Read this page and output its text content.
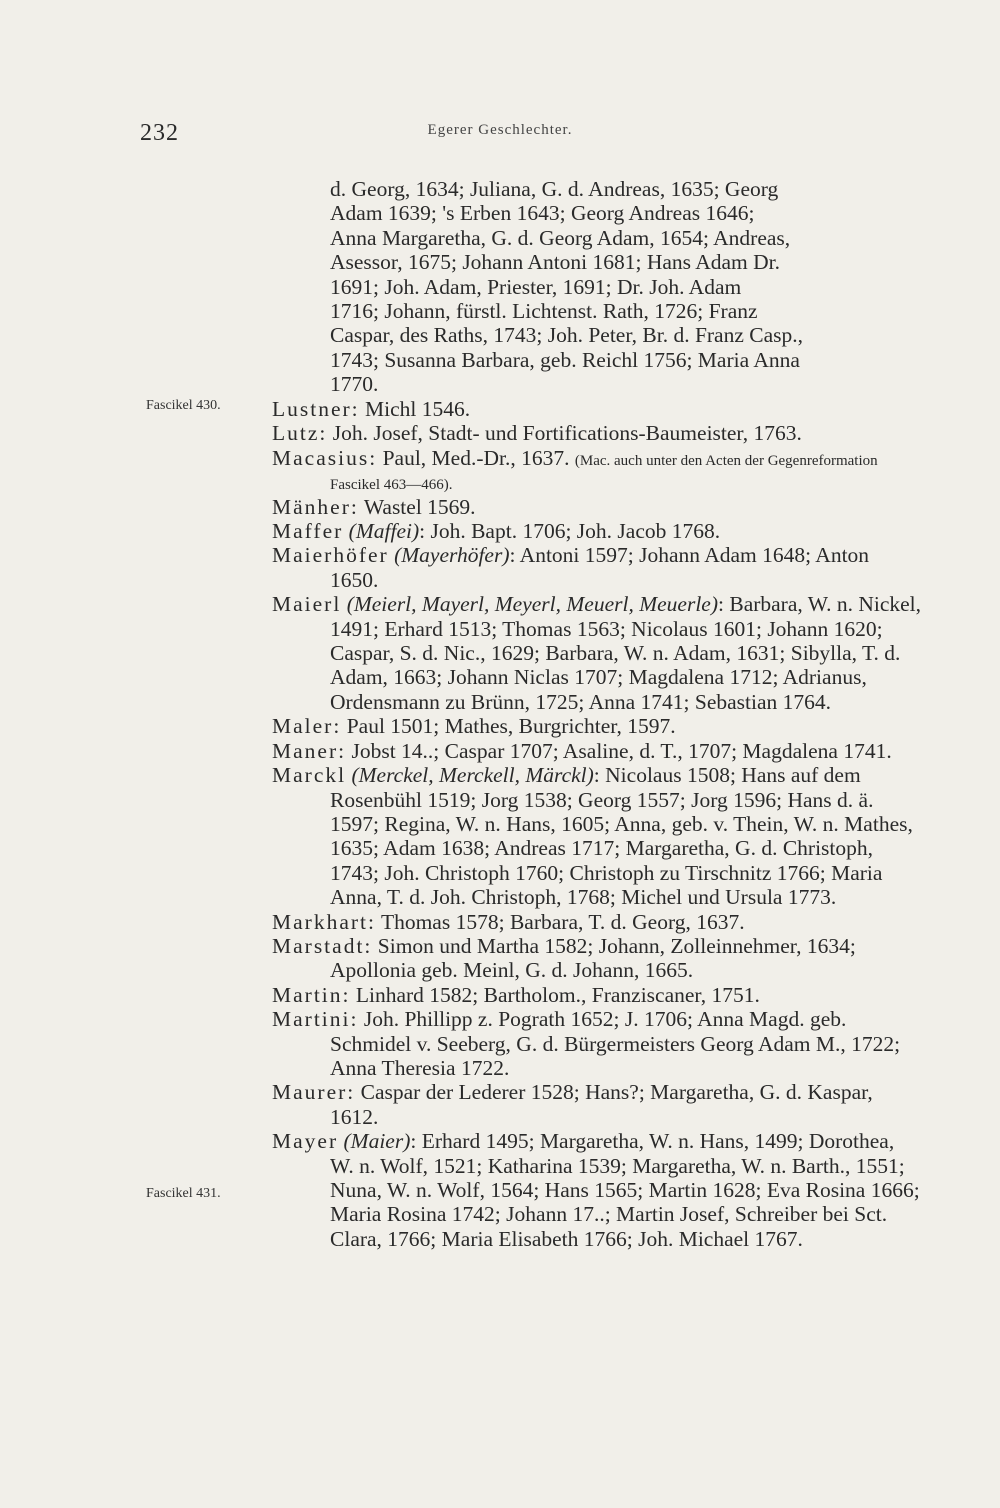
232	Egerer Geschlechter.
Fascikel 430.
Fascikel 431.
d. Georg, 1634; Juliana, G. d. Andreas, 1635; Georg
Adam 1639; 's Erben 1643; Georg Andreas 1646;
Anna Margaretha, G. d. Georg Adam, 1654; Andreas,
Asessor, 1675; Johann Antoni 1681; Hans Adam Dr.
1691; Joh. Adam, Priester, 1691; Dr. Joh. Adam
1716; Johann, fürstl. Lichtenst. Rath, 1726; Franz
Caspar, des Raths, 1743; Joh. Peter, Br. d. Franz Casp.,
1743; Susanna Barbara, geb. Reichl 1756; Maria Anna
1770.

Lustner: Michl 1546.

Lutz: Joh. Josef, Stadt- und Fortifications-Baumeister, 1763.

Macasius: Paul, Med.-Dr., 1637. (Mac. auch unter den Acten der Gegenreformation Fascikel 463—466).

Mänher: Wastel 1569.

Maffer (Maffei): Joh. Bapt. 1706; Joh. Jacob 1768.

Maierhöfer (Mayerhöfer): Antoni 1597; Johann Adam 1648; Anton 1650.

Maierl (Meierl, Mayerl, Meyerl, Meuerl, Meuerle): Barbara, W. n. Nickel, 1491; Erhard 1513; Thomas 1563; Nicolaus 1601; Johann 1620; Caspar, S. d. Nic., 1629; Barbara, W. n. Adam, 1631; Sibylla, T. d. Adam, 1663; Johann Niclas 1707; Magdalena 1712; Adrianus, Ordensmann zu Brünn, 1725; Anna 1741; Sebastian 1764.

Maler: Paul 1501; Mathes, Burgrichter, 1597.

Maner: Jobst 14..; Caspar 1707; Asaline, d. T., 1707; Magdalena 1741.

Marckl (Merckel, Merckell, Märckl): Nicolaus 1508; Hans auf dem Rosenbühl 1519; Jorg 1538; Georg 1557; Jorg 1596; Hans d. ä. 1597; Regina, W. n. Hans, 1605; Anna, geb. v. Thein, W. n. Mathes, 1635; Adam 1638; Andreas 1717; Margaretha, G. d. Christoph, 1743; Joh. Christoph 1760; Christoph zu Tirschnitz 1766; Maria Anna, T. d. Joh. Christoph, 1768; Michel und Ursula 1773.

Markhart: Thomas 1578; Barbara, T. d. Georg, 1637.

Marstadt: Simon und Martha 1582; Johann, Zolleinnehmer, 1634; Apollonia geb. Meinl, G. d. Johann, 1665.

Martin: Linhard 1582; Bartholom., Franziscaner, 1751.

Martini: Joh. Phillipp z. Pograth 1652; J. 1706; Anna Magd. geb. Schmidel v. Seeberg, G. d. Bürgermeisters Georg Adam M., 1722; Anna Theresia 1722.

Maurer: Caspar der Lederer 1528; Hans?; Margaretha, G. d. Kaspar, 1612.

Mayer (Maier): Erhard 1495; Margaretha, W. n. Hans, 1499; Dorothea, W. n. Wolf, 1521; Katharina 1539; Margaretha, W. n. Barth., 1551; Nuna, W. n. Wolf, 1564; Hans 1565; Martin 1628; Eva Rosina 1666; Maria Rosina 1742; Johann 17..; Martin Josef, Schreiber bei Sct. Clara, 1766; Maria Elisabeth 1766; Joh. Michael 1767.
